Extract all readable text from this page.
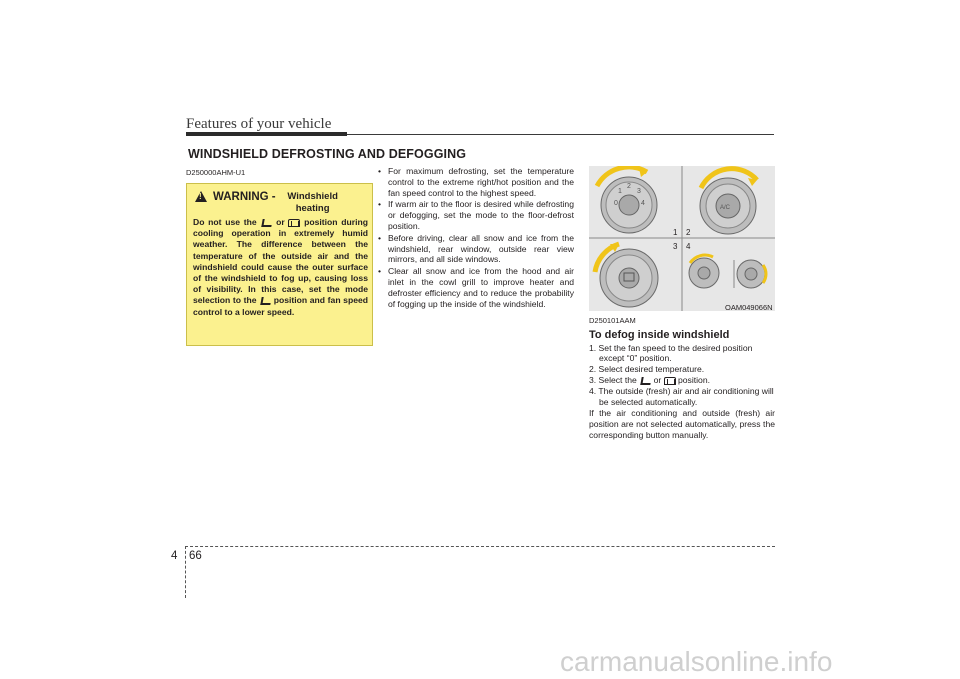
Features of your vehicle
WINDSHIELD DEFROSTING AND DEFOGGING
D250000AHM-U1
!
WARNING -	Windshield heating
Do not use the or position during cooling operation in extremely humid weather. The difference between the temperature of the outside air and the windshield could cause the outer surface of the windshield to fog up, causing loss of visibility. In this case, set the mode selection to the position and fan speed control to a lower speed.
• For maximum defrosting, set the temperature control to the extreme right/hot position and the fan speed control to the highest speed.
• If warm air to the floor is desired while defrosting or defogging, set the mode to the floor-defrost position.
• Before driving, clear all snow and ice from the windshield, rear window, outside rear view mirrors, and all side windows.
• Clear all snow and ice from the hood and air inlet in the cowl grill to improve heater and defroster efficiency and to reduce the probability of fogging up the inside of the windshield.
0
1
2
3
4
A/C
1 2
3 4
OAM049066N
D250101AAM
To defog inside windshield
1. Set the fan speed to the desired position except “0” position.
2. Select desired temperature.
3. Select the or position.
4. The outside (fresh) air and air conditioning will be selected automatically.
If the air conditioning and outside (fresh) air position are not selected automatically, press the corresponding button manually.
4 66
carmanualsonline.info
